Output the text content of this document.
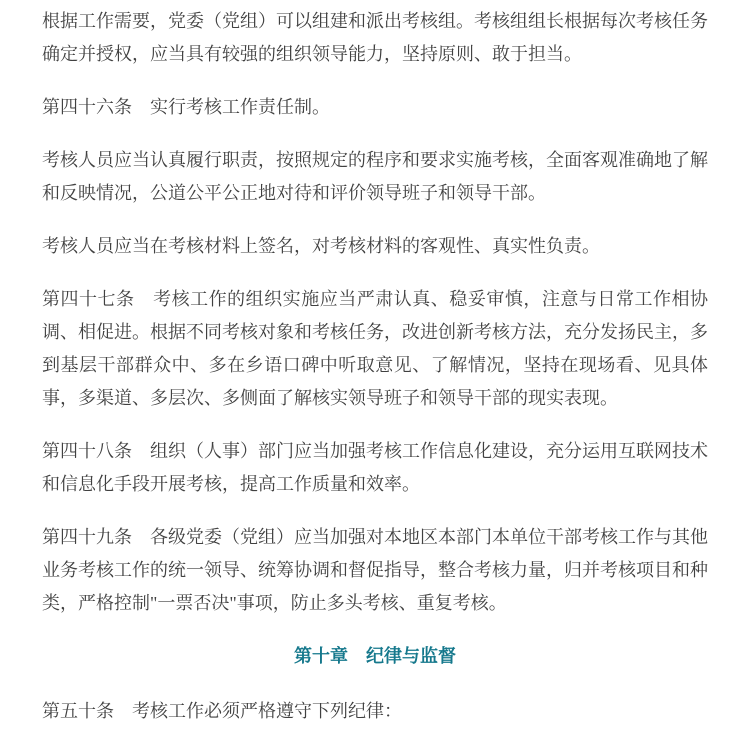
根据工作需要，党委（党组）可以组建和派出考核组。考核组组长根据每次考核任务确定并授权，应当具有较强的组织领导能力，坚持原则、敢于担当。

第四十六条　实行考核工作责任制。

考核人员应当认真履行职责，按照规定的程序和要求实施考核，全面客观准确地了解和反映情况，公道公平公正地对待和评价领导班子和领导干部。

考核人员应当在考核材料上签名，对考核材料的客观性、真实性负责。

第四十七条　考核工作的组织实施应当严肃认真、稳妥审慎，注意与日常工作相协调、相促进。根据不同考核对象和考核任务，改进创新考核方法，充分发扬民主，多到基层干部群众中、多在乡语口碑中听取意见、了解情况，坚持在现场看、见具体事，多渠道、多层次、多侧面了解核实领导班子和领导干部的现实表现。

第四十八条　组织（人事）部门应当加强考核工作信息化建设，充分运用互联网技术和信息化手段开展考核，提高工作质量和效率。

第四十九条　各级党委（党组）应当加强对本地区本部门本单位干部考核工作与其他业务考核工作的统一领导、统筹协调和督促指导，整合考核力量，归并考核项目和种类，严格控制"一票否决"事项，防止多头考核、重复考核。

第十章　纪律与监督

第五十条　考核工作必须严格遵守下列纪律：
